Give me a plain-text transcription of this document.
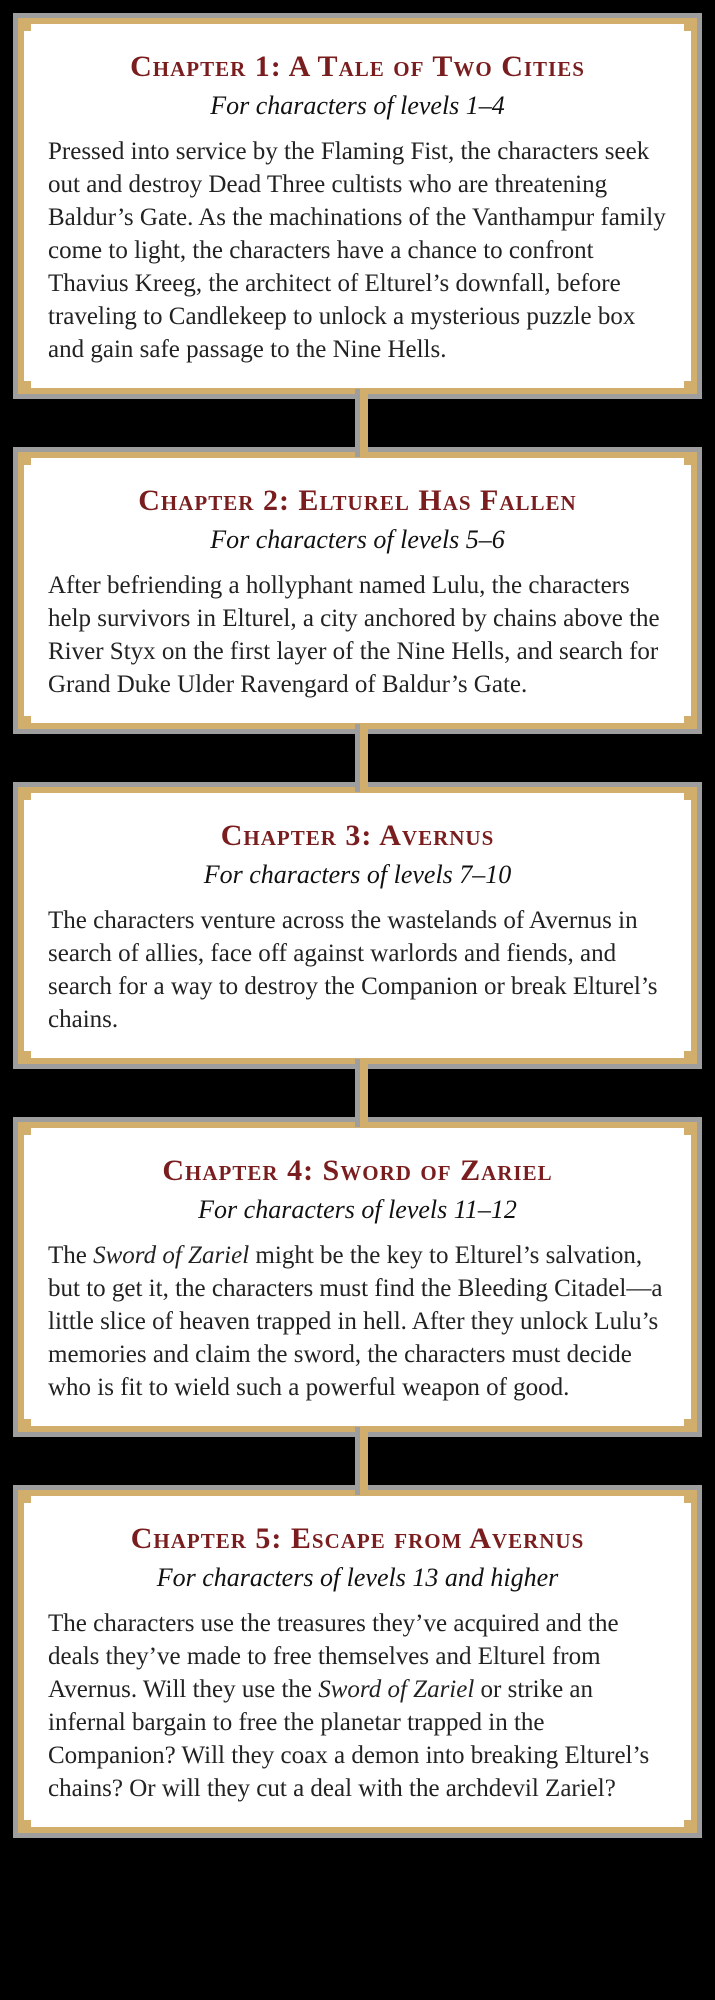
Chapter 1: A Tale of Two Cities

For characters of levels 1–4

Pressed into service by the Flaming Fist, the characters seek out and destroy Dead Three cultists who are threatening Baldur’s Gate. As the machinations of the Vanthampur family come to light, the characters have a chance to confront Thavius Kreeg, the architect of Elturel’s downfall, before traveling to Candlekeep to unlock a mysterious puzzle box and gain safe passage to the Nine Hells.

Chapter 2: Elturel Has Fallen

For characters of levels 5–6

After befriending a hollyphant named Lulu, the characters help survivors in Elturel, a city anchored by chains above the River Styx on the first layer of the Nine Hells, and search for Grand Duke Ulder Ravengard of Baldur’s Gate.

Chapter 3: Avernus

For characters of levels 7–10

The characters venture across the wastelands of Avernus in search of allies, face off against warlords and fiends, and search for a way to destroy the Companion or break Elturel’s chains.

Chapter 4: Sword of Zariel

For characters of levels 11–12

The Sword of Zariel might be the key to Elturel’s salvation, but to get it, the characters must find the Bleeding Citadel—a little slice of heaven trapped in hell. After they unlock Lulu’s memories and claim the sword, the characters must decide who is fit to wield such a powerful weapon of good.

Chapter 5: Escape from Avernus

For characters of levels 13 and higher

The characters use the treasures they’ve acquired and the deals they’ve made to free themselves and Elturel from Avernus. Will they use the Sword of Zariel or strike an infernal bargain to free the planetar trapped in the Companion? Will they coax a demon into breaking Elturel’s chains? Or will they cut a deal with the archdevil Zariel?
